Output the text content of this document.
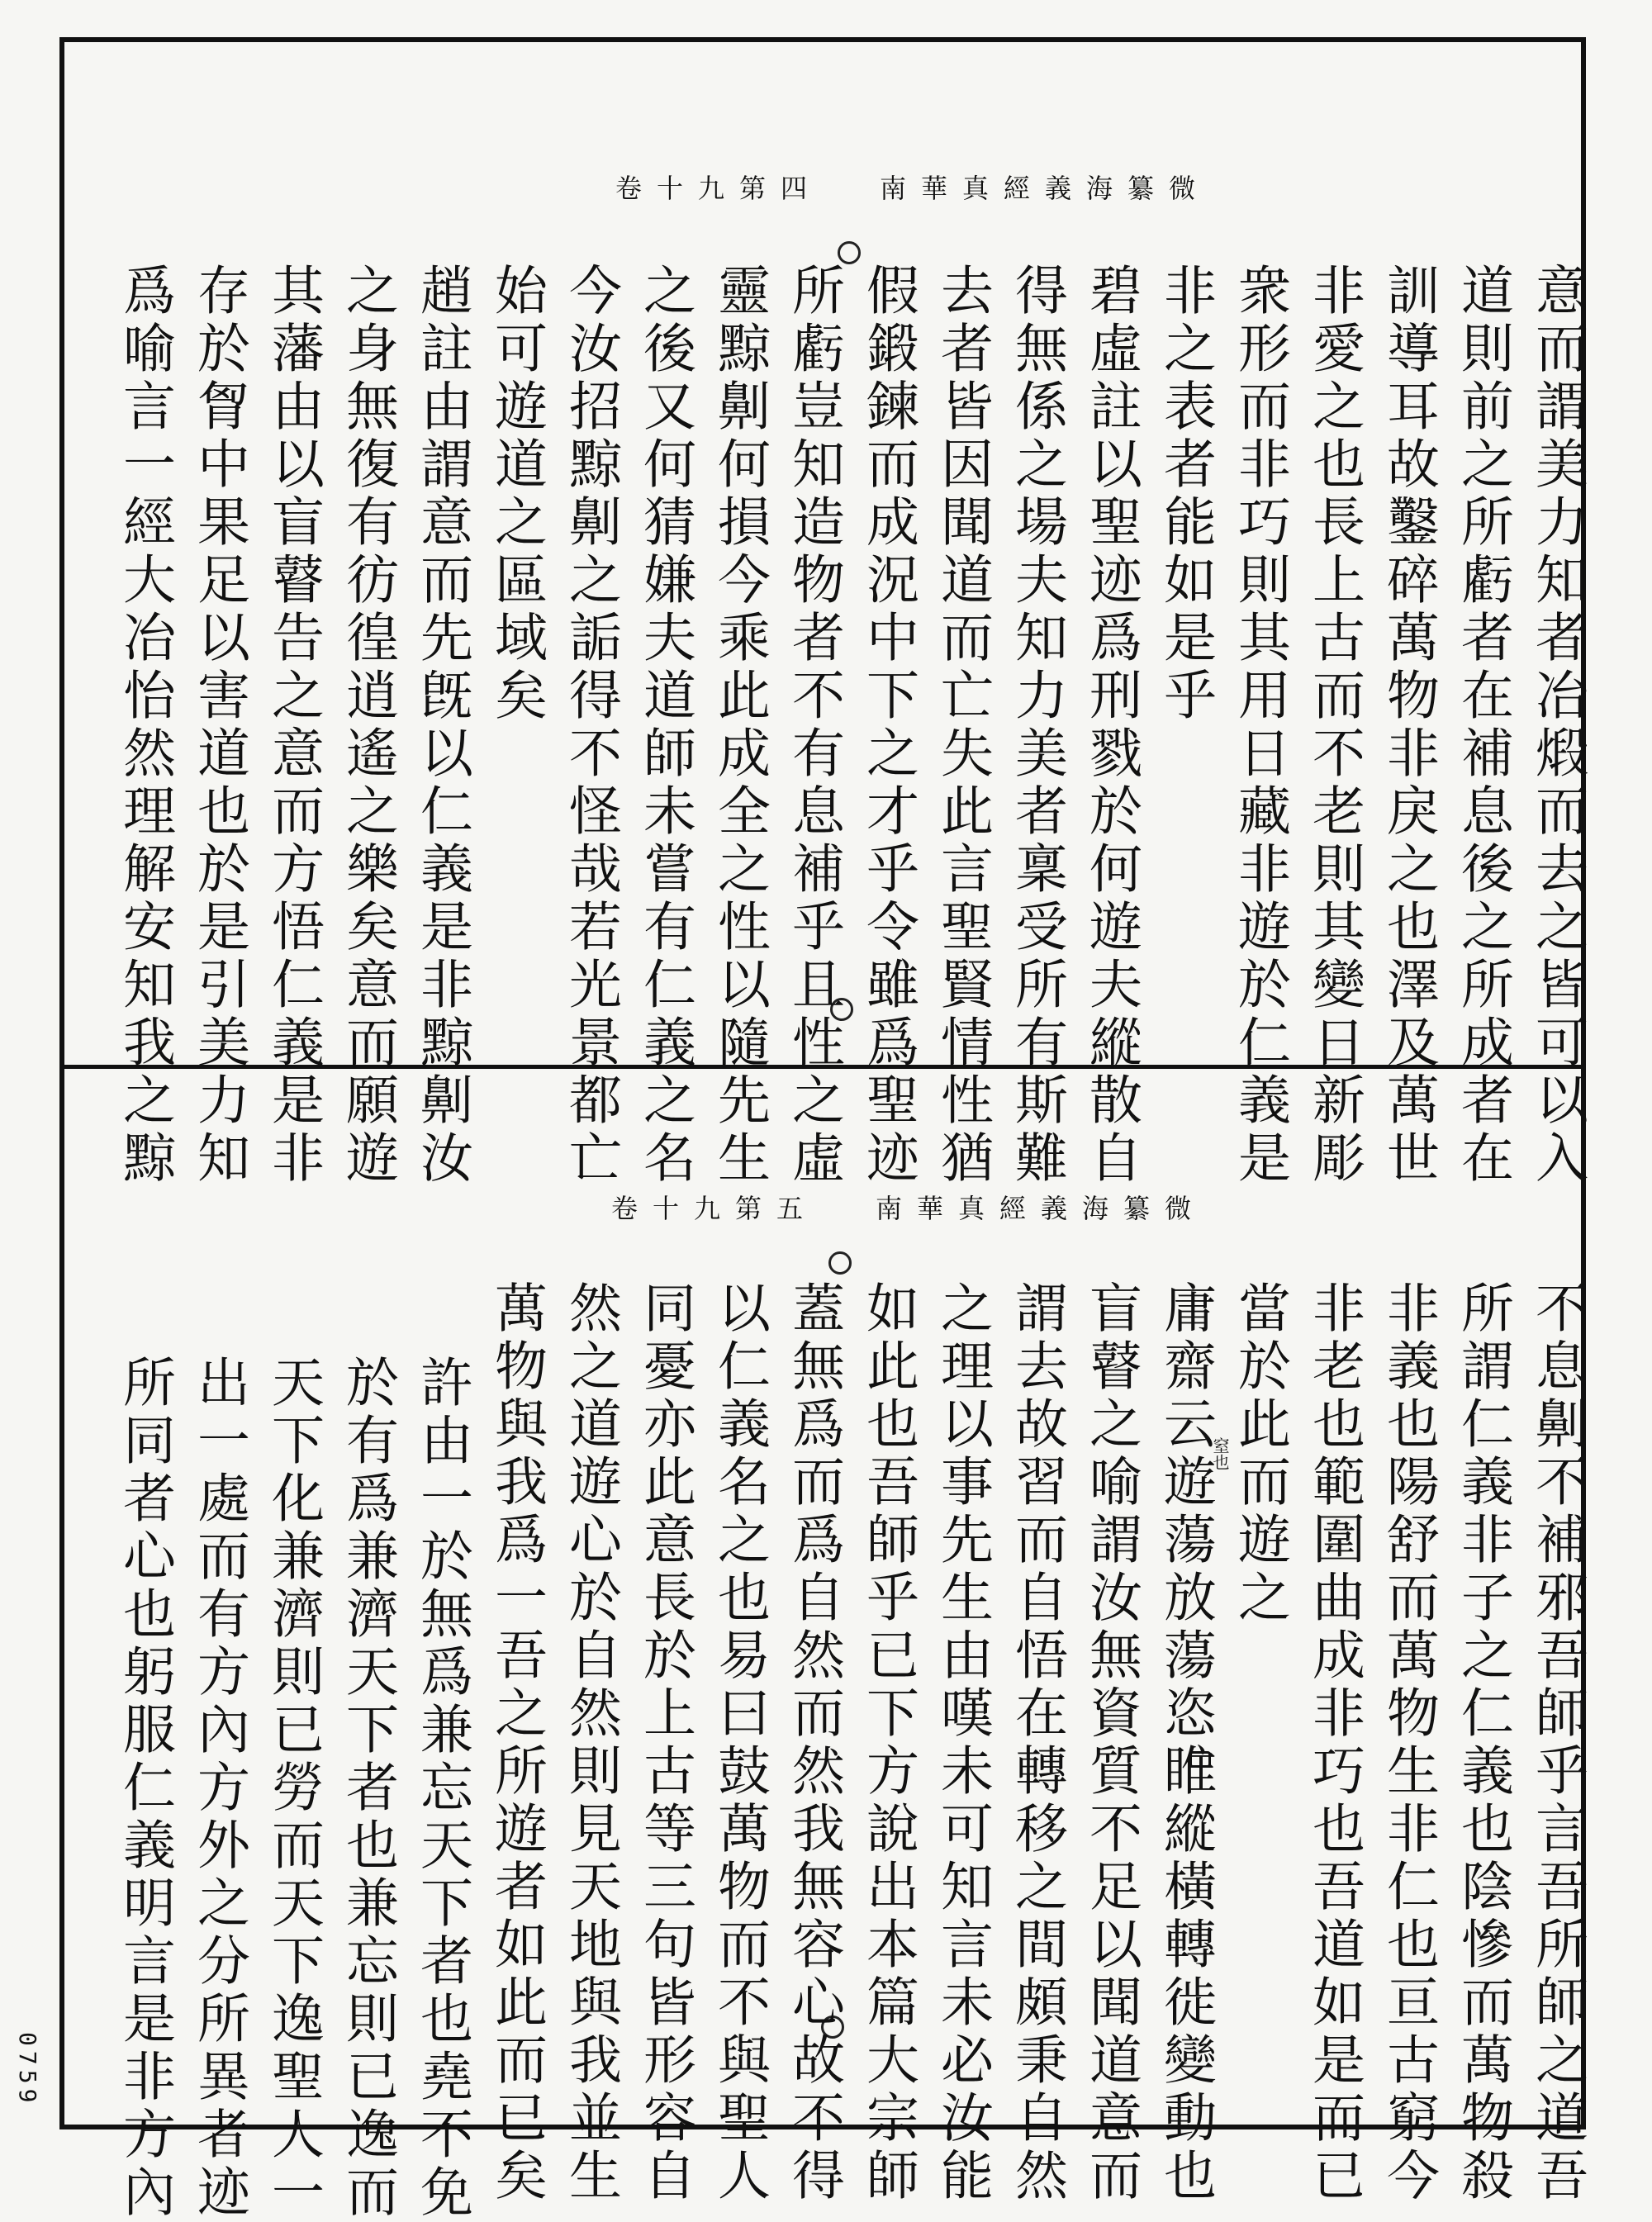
卷十九第四 南華真經義海纂微
卷十九第五 南華真經義海纂微
窒也
0759
意而謂美力知者冶煅而去之皆可以入
道則前之所虧者在補息後之所成者在
訓導耳故鑿碎萬物非戾之也澤及萬世
非愛之也長上古而不老則其變日新彫
衆形而非巧則其用日藏非遊於仁義是
非之表者能如是乎
碧虛註以聖迹爲刑戮於何遊夫縱散自
得無係之場夫知力美者稟受所有斯難
去者皆因聞道而亡失此言聖賢情性猶
假鍛鍊而成況中下之才乎令雖爲聖迹
所虧豈知造物者不有息補乎且性之虛
靈黥劓何損今乘此成全之性以隨先生
之後又何猜嫌夫道師未嘗有仁義之名
今汝招黥劓之詬得不怪哉若光景都亡
始可遊道之區域矣
趙註由謂意而先旣以仁義是非黥劓汝
之身無復有彷徨逍遙之樂矣意而願遊
其藩由以盲瞽告之意而方悟仁義是非
存於胷中果足以害道也於是引美力知
爲喻言一經大冶怡然理解安知我之黥
不息劓不補邪吾師乎言吾所師之道吾
所謂仁義非子之仁義也陰慘而萬物殺
非義也陽舒而萬物生非仁也亘古窮今
非老也範圍曲成非巧也吾道如是而已
當於此而遊之
庸齋云遊蕩放蕩恣睢縱橫轉徙變動也
盲瞽之喻謂汝無資質不足以聞道意而
謂去故習而自悟在轉移之間頗秉自然
之理以事先生由嘆未可知言未必汝能
如此也吾師乎已下方說出本篇大宗師
蓋無爲而爲自然而然我無容心故不得
以仁義名之也易曰鼓萬物而不與聖人
同憂亦此意長於上古等三句皆形容自
然之道遊心於自然則見天地與我並生
萬物與我爲一吾之所遊者如此而已矣
許由一於無爲兼忘天下者也堯不免
於有爲兼濟天下者也兼忘則已逸而
天下化兼濟則已勞而天下逸聖人一
出一處而有方內方外之分所異者迹
所同者心也躬服仁義明言是非方內
